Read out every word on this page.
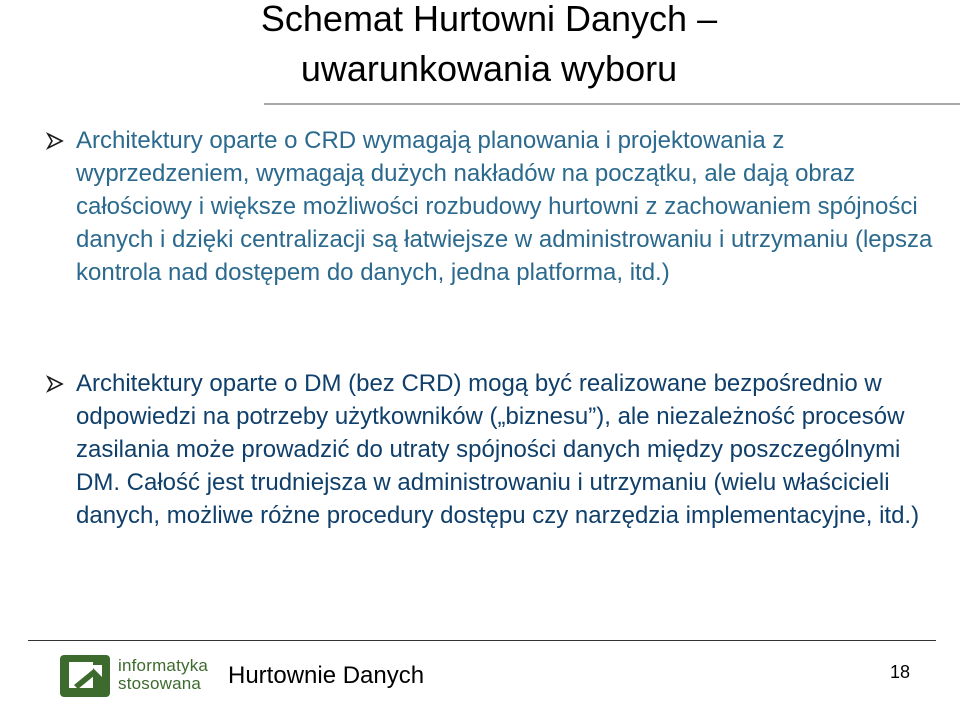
Schemat Hurtowni Danych –
uwarunkowania wyboru
Architektury oparte o CRD wymagają planowania i projektowania z wyprzedzeniem, wymagają dużych nakładów na początku, ale dają obraz całościowy i większe możliwości rozbudowy hurtowni z zachowaniem spójności danych i dzięki centralizacji są łatwiejsze w administrowaniu i utrzymaniu (lepsza kontrola nad dostępem do danych, jedna platforma, itd.)
Architektury oparte o DM (bez CRD) mogą być realizowane bezpośrednio w odpowiedzi na potrzeby użytkowników („biznesu”), ale niezależność procesów zasilania może prowadzić do utraty spójności danych między poszczególnymi DM. Całość jest trudniejsza w administrowaniu i utrzymaniu (wielu właścicieli danych, możliwe różne procedury dostępu czy narzędzia implementacyjne, itd.)
informatyka
stosowana	Hurtownie Danych	18
